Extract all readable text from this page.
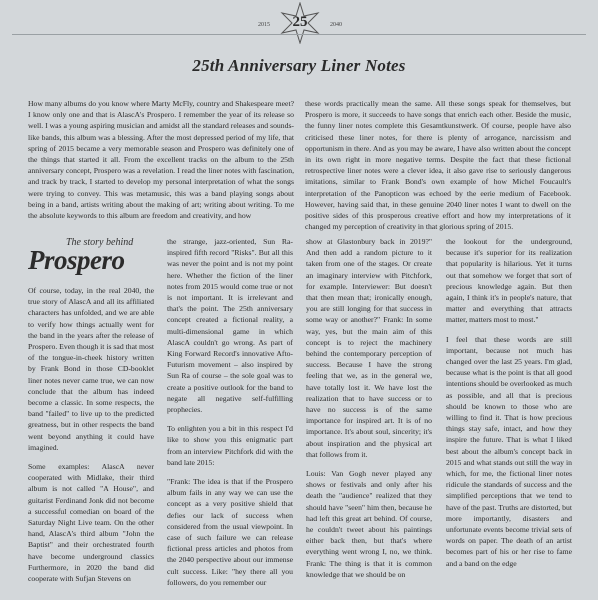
2015	25	2040
25th Anniversary Liner Notes

How many albums do you know where Marty McFly, country and Shakespeare meet? I know only one and that is AlascA's Prospero. I remember the year of its release so well. I was a young aspiring musician and amidst all the standard releases and sounds-like bands, this album was a blessing. After the most depressed period of my life, that spring of 2015 became a very memorable season and Prospero was definitely one of the things that started it all. From the excellent tracks on the album to the 25th anniversary concept, Prospero was a revelation. I read the liner notes with fascination, and track by track, I started to develop my personal interpretation of what the songs were trying to convey. This was metamusic, this was a band playing songs about being in a band, artists writing about the making of art; writing about writing. To me the absolute keywords to this album are freedom and creativity, and how

these words practically mean the same. All these songs speak for themselves, but Prospero is more, it succeeds to have songs that enrich each other. Beside the music, the funny liner notes complete this Gesamtkunstwerk. Of course, people have also criticised these liner notes, for there is plenty of arrogance, narcissism and opportunism in there. And as you may be aware, I have also written about the concept in its own right in more negative terms. Despite the fact that these fictional retrospective liner notes were a clever idea, it also gave rise to seriously dangerous imitations, similar to Frank Bond's own example of how Michel Foucault's interpretation of the Panopticon was echoed by the eerie medium of Facebook. However, having said that, in these genuine 2040 liner notes I want to dwell on the positive sides of this prosperous creative effort and how my interpretations of it changed my perception of creativity in that glorious spring of 2015.

The story behind
Prospero

Of course, today, in the real 2040, the true story of AlascA and all its affiliated characters has unfolded, and we are able to verify how things actually went for the band in the years after the release of Prospero. Even though it is sad that most of the tongue-in-cheek history written by Frank Bond in those CD-booklet liner notes never came true, we can now conclude that the album has indeed become a classic. In some respects, the band "failed" to live up to the predicted greatness, but in other respects the band went beyond anything it could have imagined.

Some examples: AlascA never cooperated with Midlake, their third album is not called "A House", and guitarist Ferdinand Jonk did not become a successful comedian on board of the Saturday Night Live team. On the other hand, AlascA's third album "John the Baptist" and their orchestrated fourth have become underground classics Furthermore, in 2020 the band did cooperate with Sufjan Stevens on

the strange, jazz-oriented, Sun Ra-inspired fifth record "Risks". But all this was never the point and is not my point here. Whether the fiction of the liner notes from 2015 would come true or not is not important. It is irrelevant and that's the point. The 25th anniversary concept created a fictional reality, a multi-dimensional game in which AlascA couldn't go wrong. As part of King Forward Record's innovative Afto-Futurism movement – also inspired by Sun Ra of course – the sole goal was to create a positive outlook for the band to negate all negative self-fulfilling prophecies.

To enlighten you a bit in this respect I'd like to show you this enigmatic part from an interview Pitchfork did with the band late 2015:

"Frank: The idea is that if the Prospero album fails in any way we can use the concept as a very positive shield that defies our lack of success when considered from the usual viewpoint. In case of such failure we can release fictional press articles and photos from the 2040 perspective about our immense cult success. Like: "hey there all you followers, do you remember our

show at Glastonbury back in 2019?" And then add a random picture to it taken from one of the stages. Or create an imaginary interview with Pitchfork, for example. Interviewer: But doesn't that then mean that; ironically enough, you are still longing for that success in some way or another?" Frank: In some way, yes, but the main aim of this concept is to reject the machinery behind the contemporary perception of success. Because I have the strong feeling that we, as in the general we, have totally lost it. We have lost the realization that to have success or to have no success is of the same importance for inspired art. It is of no importance. It's about soul, sincerity; it's about inspiration and the physical art that follows from it.

Louis: Van Gogh never played any shows or festivals and only after his death the "audience" realized that they should have "seen" him then, because he had left this great art behind. Of course, he couldn't tweet about his paintings either back then, but that's where everything went wrong I, no, we think. Frank: The thing is that it is common knowledge that we should be on

the lookout for the underground, because it's superior for its realization that popularity is hilarious. Yet it turns out that somehow we forget that sort of precious knowledge again. But then again, I think it's in people's nature, that matter and everything that attracts matter, matters most to most."

I feel that these words are still important, because not much has changed over the last 25 years. I'm glad, because what is the point is that all good intentions should be overlooked as much as possible, and all that is precious should be known to those who are willing to find it. That is how precious things stay safe, intact, and how they inspire the future. That is what I liked best about the album's concept back in 2015 and what stands out still the way in which, for me, the fictional liner notes ridicule the standards of success and the simplified perceptions that we tend to have of the past. Truths are distorted, but more importantly, disasters and unfortunate events become trivial sets of words on paper. The death of an artist becomes part of his or her rise to fame and a band on the edge
